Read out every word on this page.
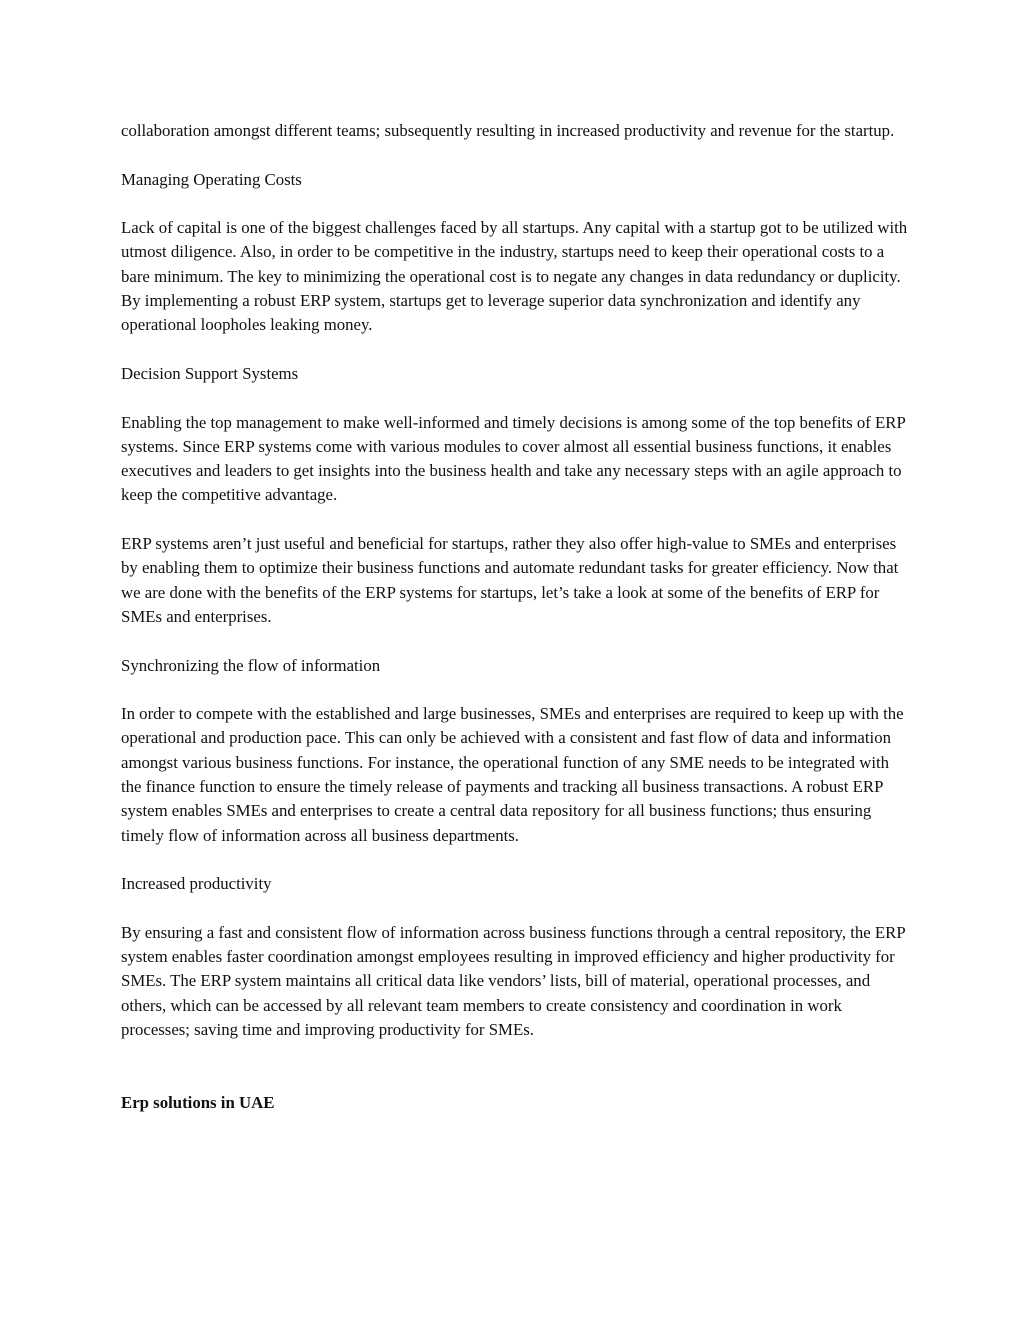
collaboration amongst different teams; subsequently resulting in increased productivity and revenue for the startup.

Managing Operating Costs

Lack of capital is one of the biggest challenges faced by all startups. Any capital with a startup got to be utilized with utmost diligence. Also, in order to be competitive in the industry, startups need to keep their operational costs to a bare minimum. The key to minimizing the operational cost is to negate any changes in data redundancy or duplicity. By implementing a robust ERP system, startups get to leverage superior data synchronization and identify any operational loopholes leaking money.

Decision Support Systems

Enabling the top management to make well-informed and timely decisions is among some of the top benefits of ERP systems. Since ERP systems come with various modules to cover almost all essential business functions, it enables executives and leaders to get insights into the business health and take any necessary steps with an agile approach to keep the competitive advantage.

ERP systems aren’t just useful and beneficial for startups, rather they also offer high-value to SMEs and enterprises by enabling them to optimize their business functions and automate redundant tasks for greater efficiency. Now that we are done with the benefits of the ERP systems for startups, let’s take a look at some of the benefits of ERP for SMEs and enterprises.

Synchronizing the flow of information

In order to compete with the established and large businesses, SMEs and enterprises are required to keep up with the operational and production pace. This can only be achieved with a consistent and fast flow of data and information amongst various business functions. For instance, the operational function of any SME needs to be integrated with the finance function to ensure the timely release of payments and tracking all business transactions. A robust ERP system enables SMEs and enterprises to create a central data repository for all business functions; thus ensuring timely flow of information across all business departments.

Increased productivity

By ensuring a fast and consistent flow of information across business functions through a central repository, the ERP system enables faster coordination amongst employees resulting in improved efficiency and higher productivity for SMEs. The ERP system maintains all critical data like vendors’ lists, bill of material, operational processes, and others, which can be accessed by all relevant team members to create consistency and coordination in work processes; saving time and improving productivity for SMEs.

Erp solutions in UAE
